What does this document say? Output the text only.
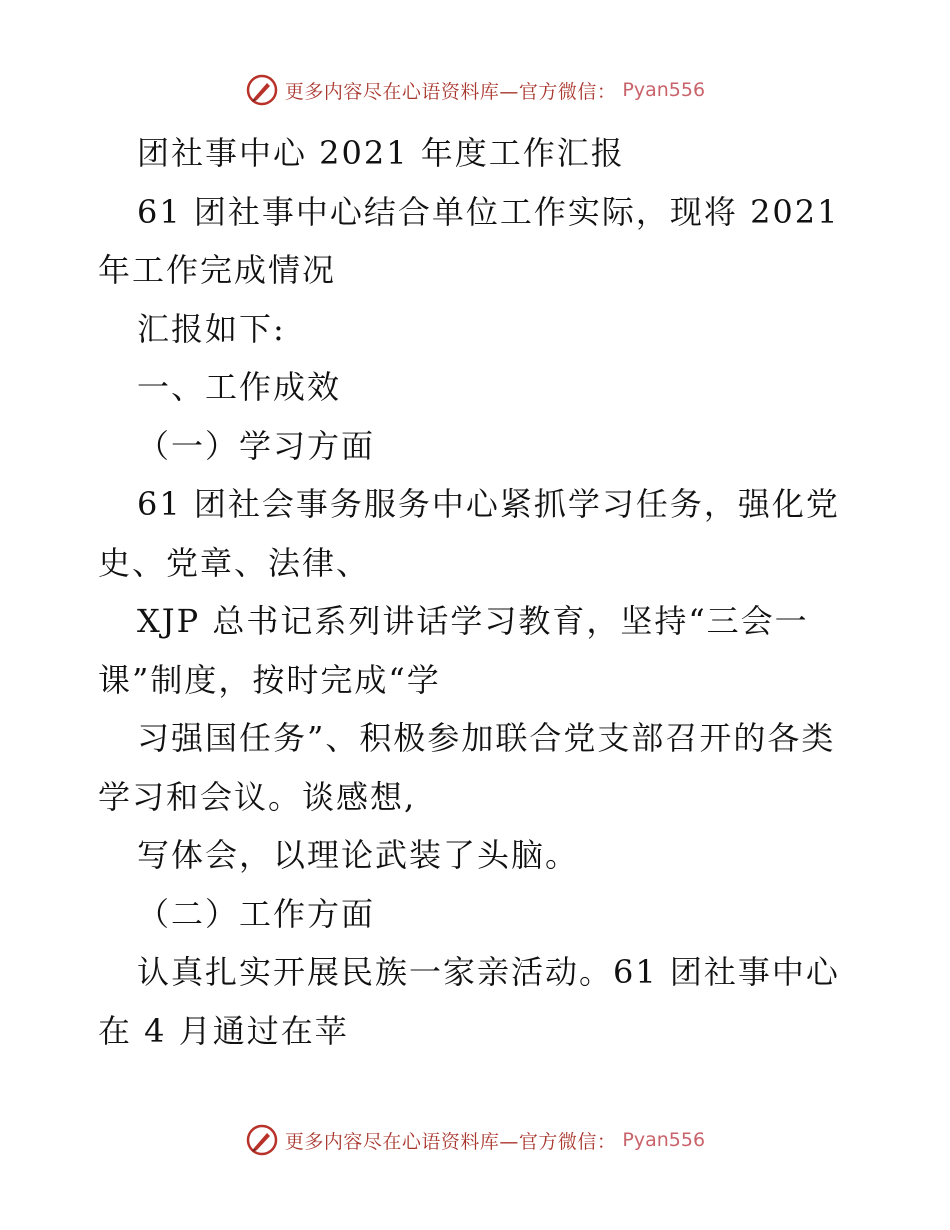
更多内容尽在心语资料库—官方微信： Pyan556

团社事中心 2021 年度工作汇报

61 团社事中心结合单位工作实际，现将 2021

年工作完成情况

汇报如下:

一、工作成效

（一）学习方面

61 团社会事务服务中心紧抓学习任务，强化党

史、党章、法律、

XJP 总书记系列讲话学习教育，坚持“三会一

课”制度，按时完成“学

习强国任务”、积极参加联合党支部召开的各类

学习和会议。谈感想,

写体会，以理论武装了头脑。

（二）工作方面

认真扎实开展民族一家亲活动。61 团社事中心

在 4 月通过在苹

更多内容尽在心语资料库—官方微信： Pyan556
